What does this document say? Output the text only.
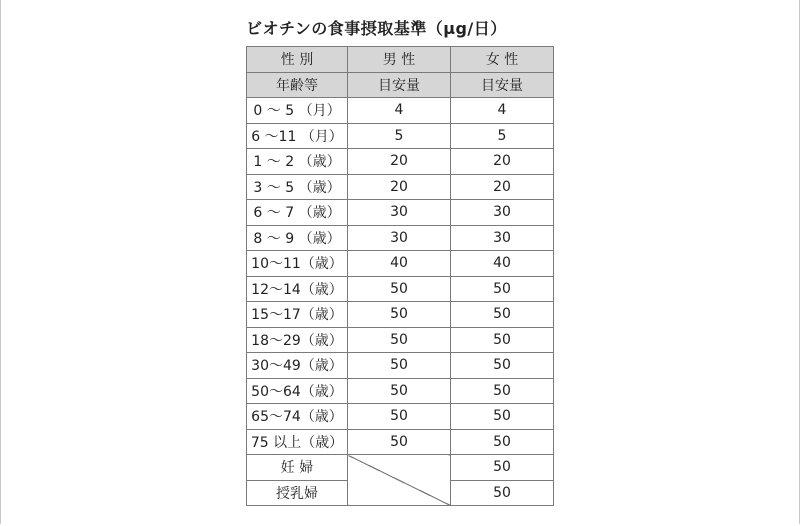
ビオチンの食事摂取基準（μg/日）
性 別	男 性	女 性
年齢等	目安量	目安量
0 ～ 5 （月）	4	4
6 ～11 （月）	5	5
1 ～ 2 （歳）	20	20
3 ～ 5 （歳）	20	20
6 ～ 7 （歳）	30	30
8 ～ 9 （歳）	30	30
10～11（歳）	40	40
12～14（歳）	50	50
15～17（歳）	50	50
18～29（歳）	50	50
30～49（歳）	50	50
50～64（歳）	50	50
65～74（歳）	50	50
75 以上（歳）	50	50
妊 婦		50
授乳婦		50
